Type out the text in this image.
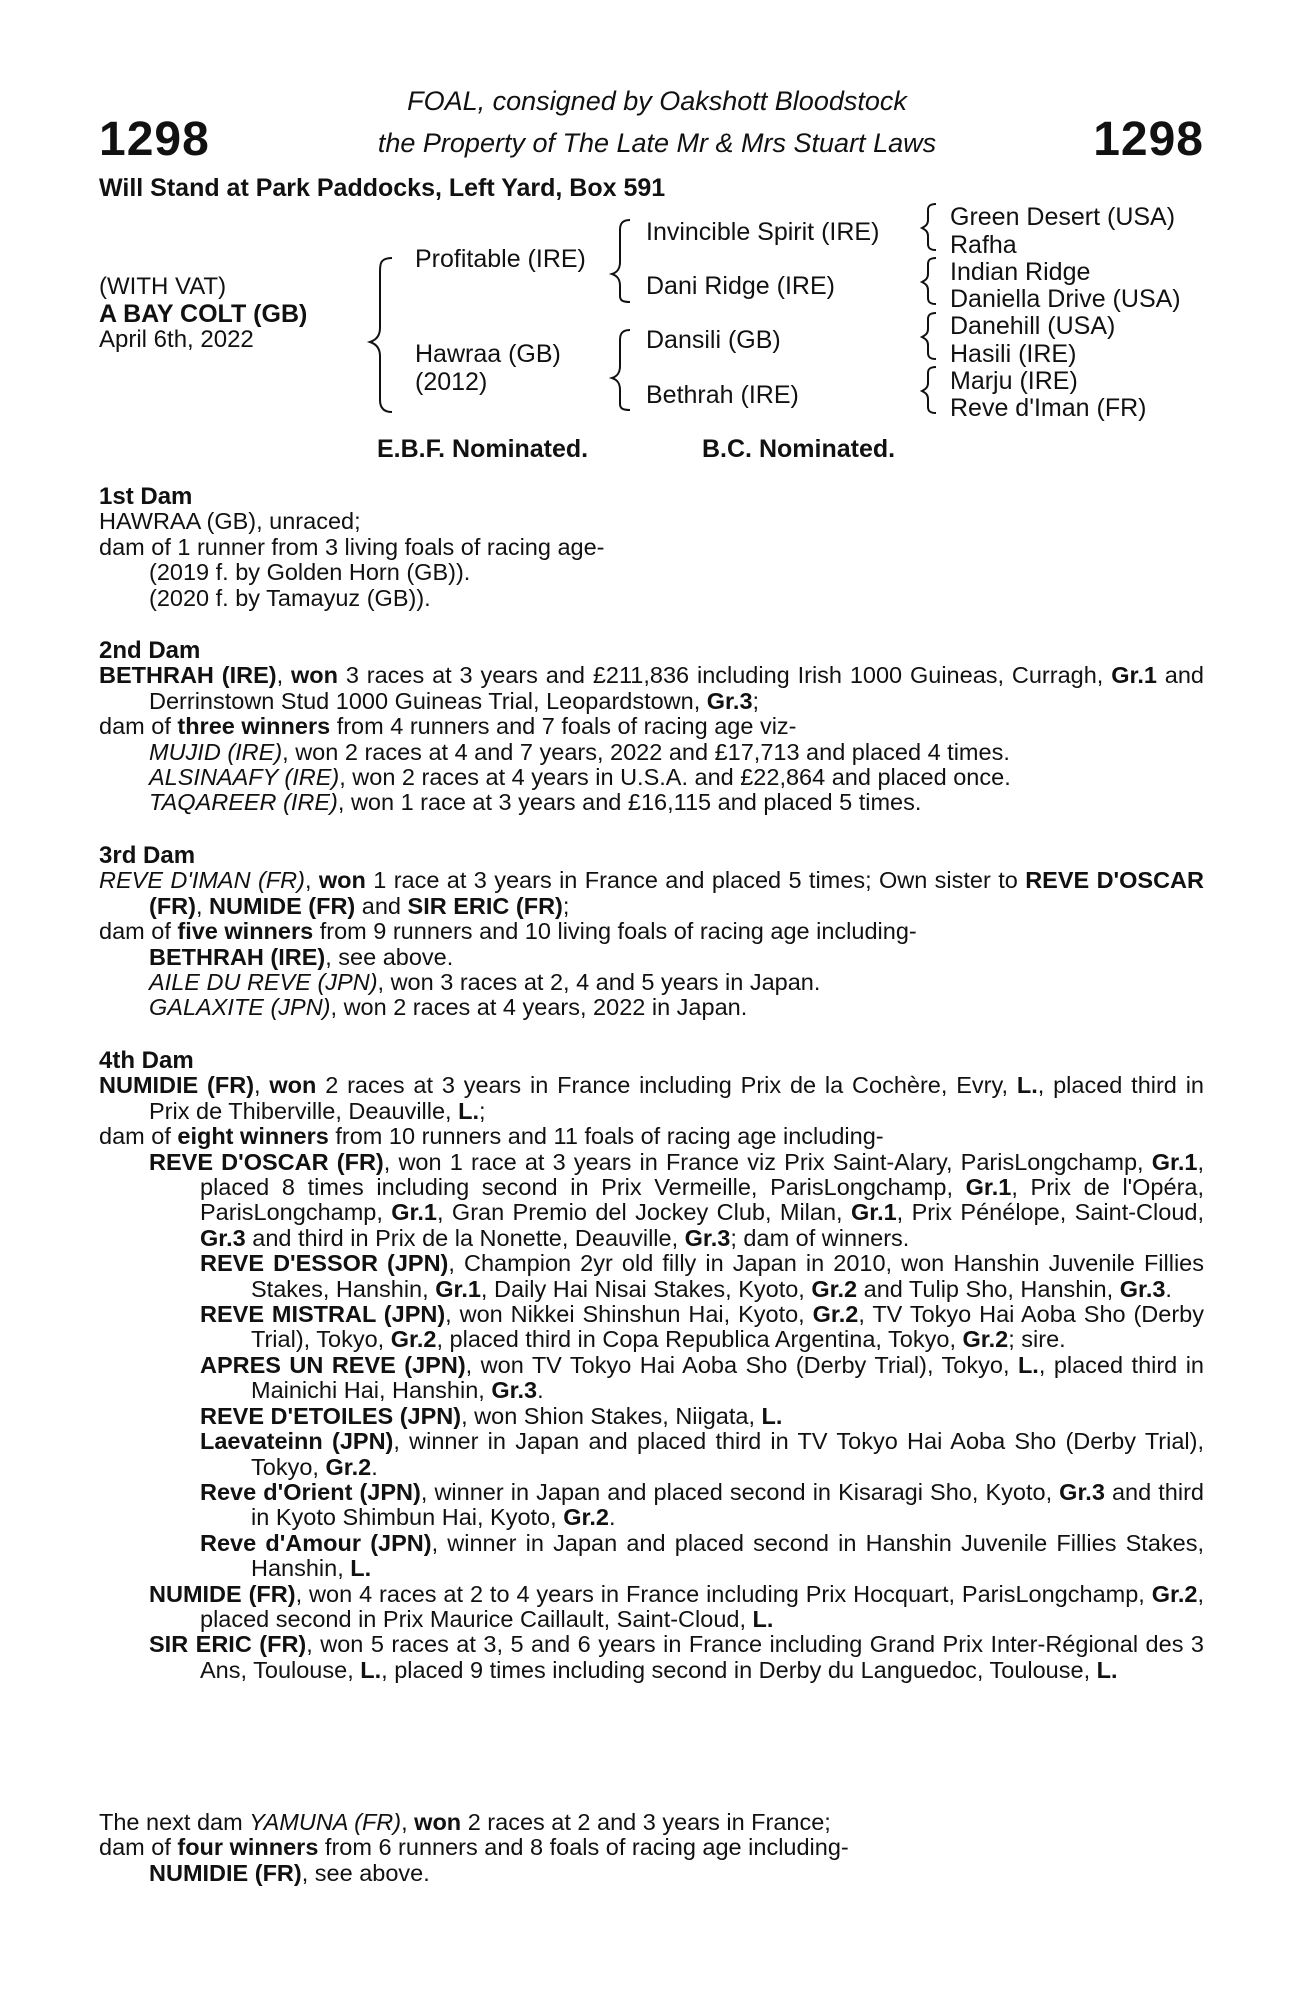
1298	1298
FOAL, consigned by Oakshott Bloodstock
the Property of The Late Mr & Mrs Stuart Laws
Will Stand at Park Paddocks, Left Yard, Box 591
(WITH VAT)
A BAY COLT (GB)
April 6th, 2022
Profitable (IRE)
Hawraa (GB)
(2012)
Invincible Spirit (IRE)
Dani Ridge (IRE)
Dansili (GB)
Bethrah (IRE)
Green Desert (USA)
Rafha
Indian Ridge
Daniella Drive (USA)
Danehill (USA)
Hasili (IRE)
Marju (IRE)
Reve d'Iman (FR)
E.B.F. Nominated.	B.C. Nominated.

1st Dam

HAWRAA (GB), unraced;

dam of 1 runner from 3 living foals of racing age-

(2019 f. by Golden Horn (GB)).

(2020 f. by Tamayuz (GB)).

2nd Dam

BETHRAH (IRE), won 3 races at 3 years and £211,836 including Irish 1000 Guineas, Curragh, Gr.1 and Derrinstown Stud 1000 Guineas Trial, Leopardstown, Gr.3;

dam of three winners from 4 runners and 7 foals of racing age viz-

MUJID (IRE), won 2 races at 4 and 7 years, 2022 and £17,713 and placed 4 times.

ALSINAAFY (IRE), won 2 races at 4 years in U.S.A. and £22,864 and placed once.

TAQAREER (IRE), won 1 race at 3 years and £16,115 and placed 5 times.

3rd Dam

REVE D'IMAN (FR), won 1 race at 3 years in France and placed 5 times; Own sister to REVE D'OSCAR (FR), NUMIDE (FR) and SIR ERIC (FR);

dam of five winners from 9 runners and 10 living foals of racing age including-

BETHRAH (IRE), see above.

AILE DU REVE (JPN), won 3 races at 2, 4 and 5 years in Japan.

GALAXITE (JPN), won 2 races at 4 years, 2022 in Japan.

4th Dam

NUMIDIE (FR), won 2 races at 3 years in France including Prix de la Cochère, Evry, L., placed third in Prix de Thiberville, Deauville, L.;

dam of eight winners from 10 runners and 11 foals of racing age including-

REVE D'OSCAR (FR), won 1 race at 3 years in France viz Prix Saint-Alary, ParisLongchamp, Gr.1, placed 8 times including second in Prix Vermeille, ParisLongchamp, Gr.1, Prix de l'Opéra, ParisLongchamp, Gr.1, Gran Premio del Jockey Club, Milan, Gr.1, Prix Pénélope, Saint-Cloud, Gr.3 and third in Prix de la Nonette, Deauville, Gr.3; dam of winners.

REVE D'ESSOR (JPN), Champion 2yr old filly in Japan in 2010, won Hanshin Juvenile Fillies Stakes, Hanshin, Gr.1, Daily Hai Nisai Stakes, Kyoto, Gr.2 and Tulip Sho, Hanshin, Gr.3.

REVE MISTRAL (JPN), won Nikkei Shinshun Hai, Kyoto, Gr.2, TV Tokyo Hai Aoba Sho (Derby Trial), Tokyo, Gr.2, placed third in Copa Republica Argentina, Tokyo, Gr.2; sire.

APRES UN REVE (JPN), won TV Tokyo Hai Aoba Sho (Derby Trial), Tokyo, L., placed third in Mainichi Hai, Hanshin, Gr.3.

REVE D'ETOILES (JPN), won Shion Stakes, Niigata, L.

Laevateinn (JPN), winner in Japan and placed third in TV Tokyo Hai Aoba Sho (Derby Trial), Tokyo, Gr.2.

Reve d'Orient (JPN), winner in Japan and placed second in Kisaragi Sho, Kyoto, Gr.3 and third in Kyoto Shimbun Hai, Kyoto, Gr.2.

Reve d'Amour (JPN), winner in Japan and placed second in Hanshin Juvenile Fillies Stakes, Hanshin, L.

NUMIDE (FR), won 4 races at 2 to 4 years in France including Prix Hocquart, ParisLongchamp, Gr.2, placed second in Prix Maurice Caillault, Saint-Cloud, L.

SIR ERIC (FR), won 5 races at 3, 5 and 6 years in France including Grand Prix Inter-Régional des 3 Ans, Toulouse, L., placed 9 times including second in Derby du Languedoc, Toulouse, L.

The next dam YAMUNA (FR), won 2 races at 2 and 3 years in France;

dam of four winners from 6 runners and 8 foals of racing age including-

NUMIDIE (FR), see above.
